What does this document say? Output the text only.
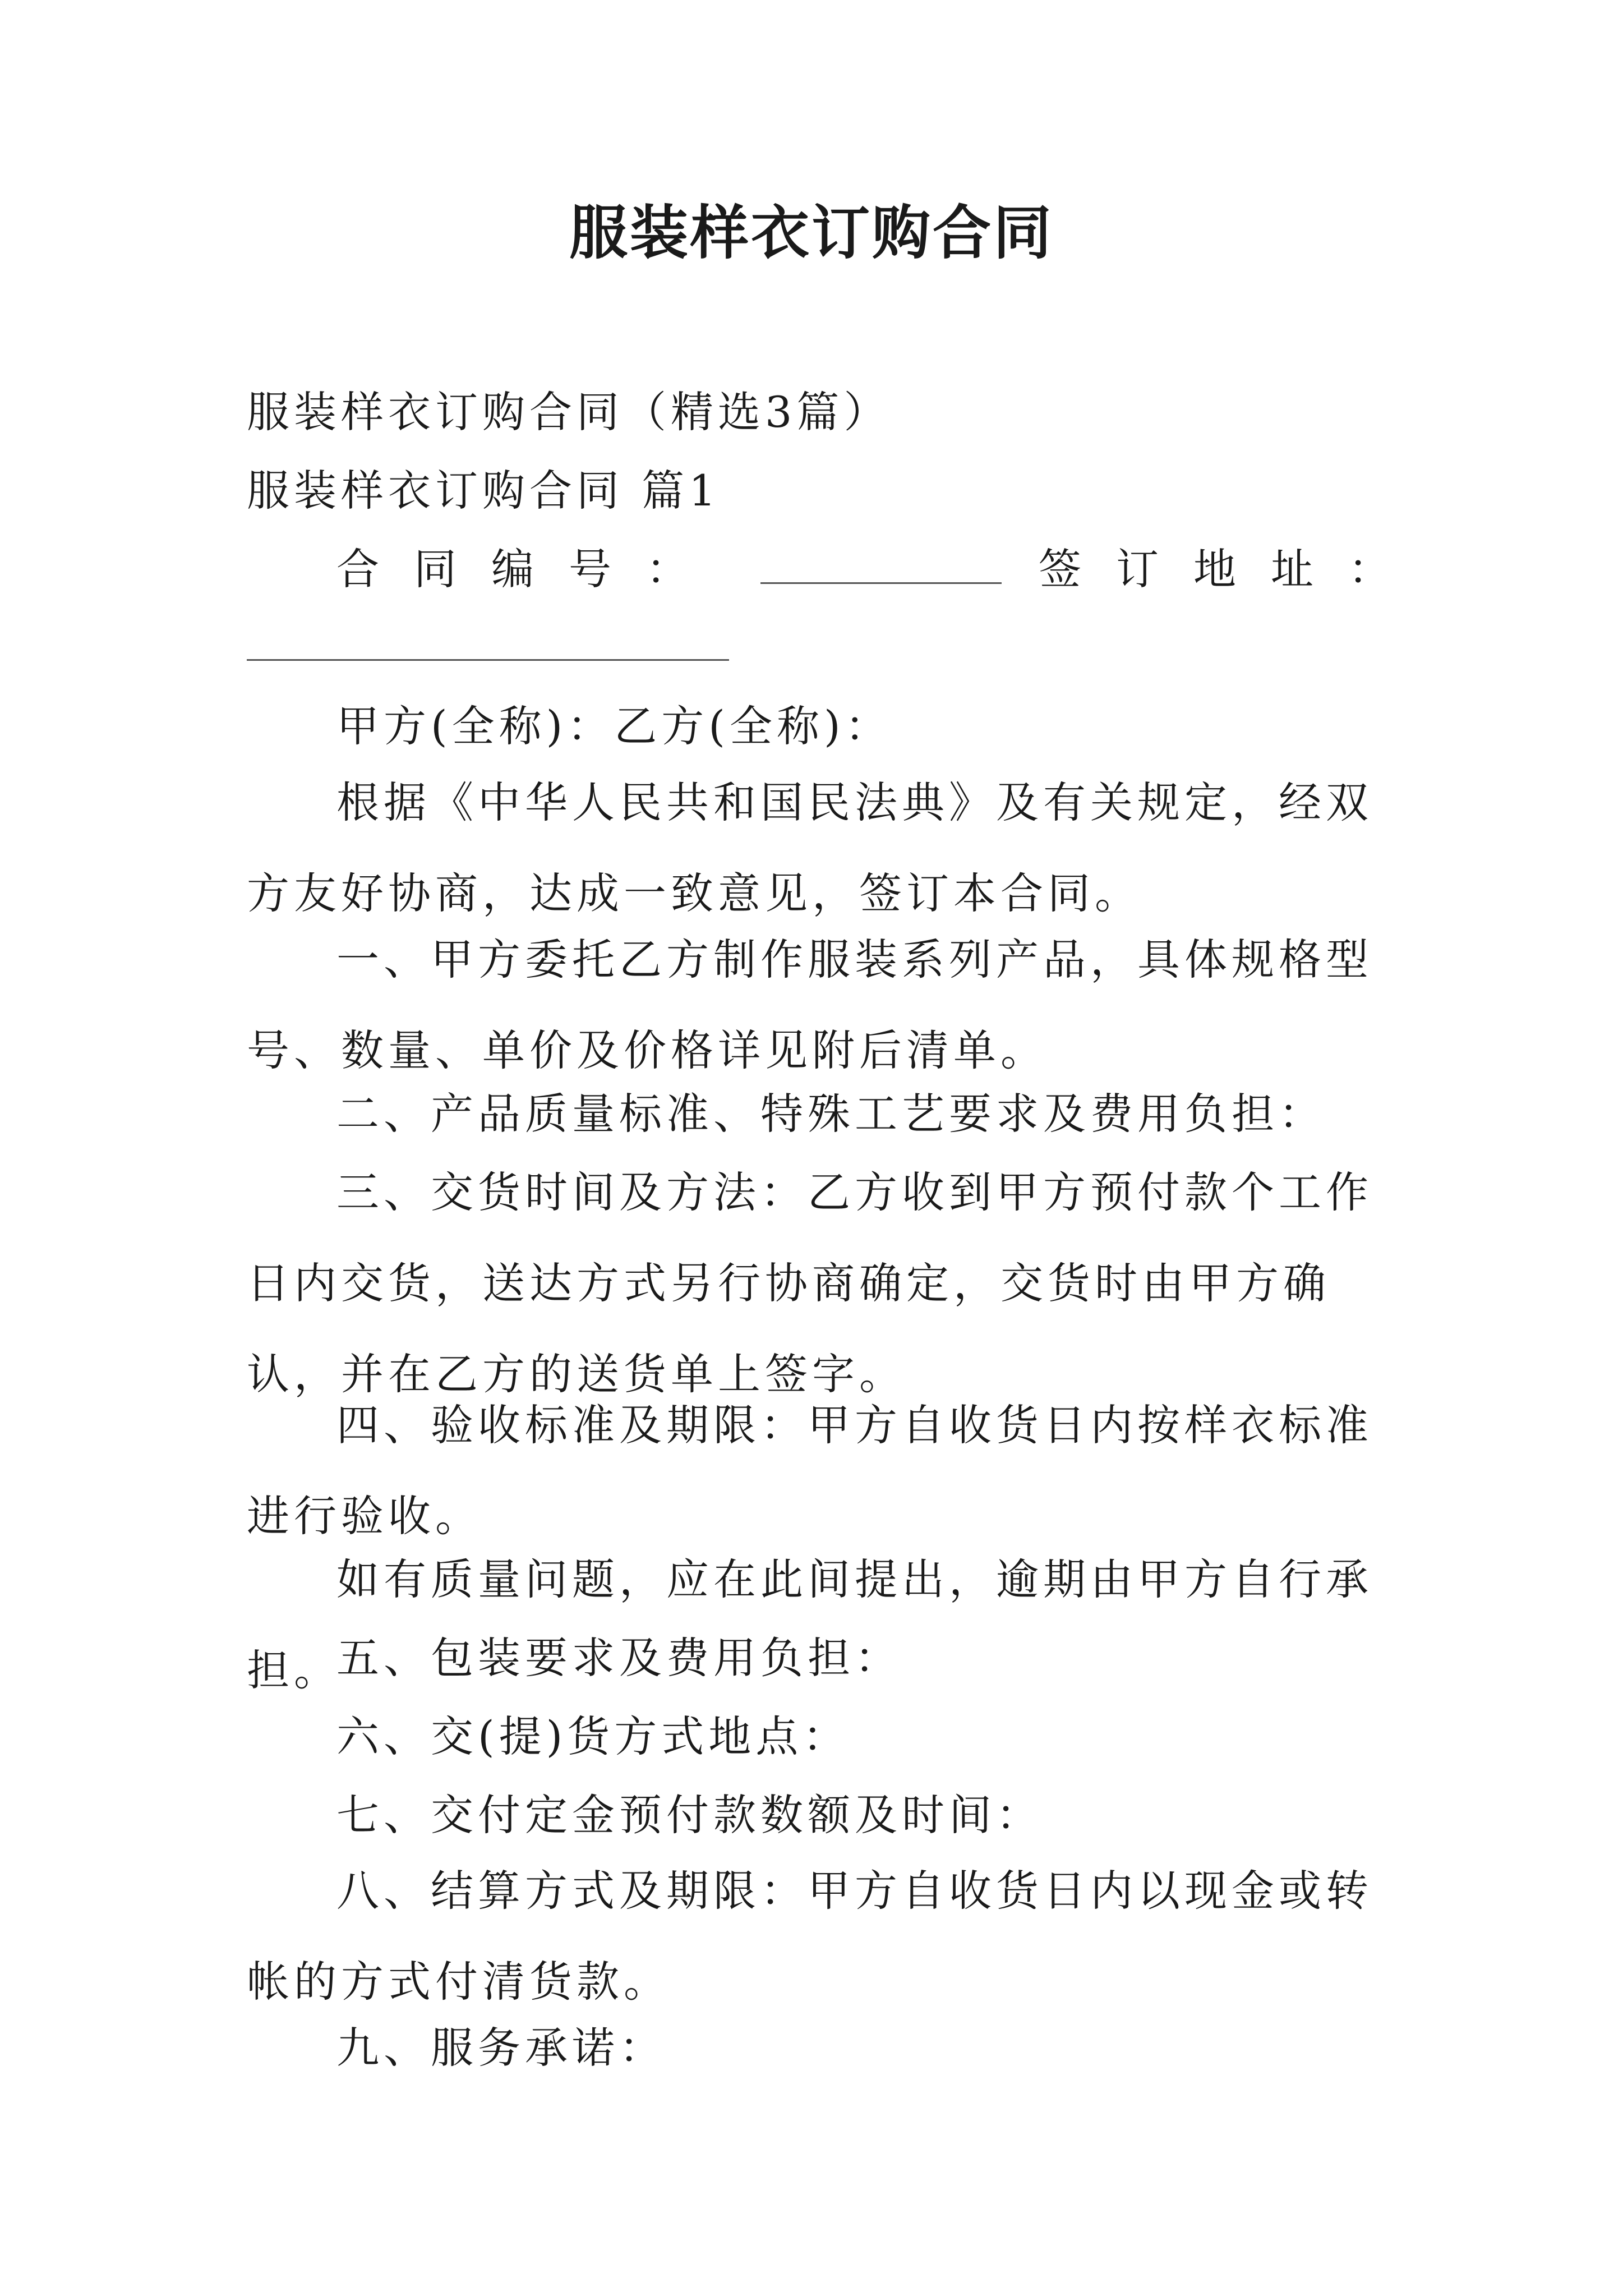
服装样衣订购合同
服装样衣订购合同（精选3篇）
服装样衣订购合同 篇1
合同编号：	签订地址：
甲方(全称)：乙方(全称)：
根据《中华人民共和国民法典》及有关规定，经双方友好协商，达成一致意见，签订本合同。
一、甲方委托乙方制作服装系列产品，具体规格型号、数量、单价及价格详见附后清单。
二、产品质量标准、特殊工艺要求及费用负担：
三、交货时间及方法：乙方收到甲方预付款个工作日内交货，送达方式另行协商确定，交货时由甲方确认，并在乙方的送货单上签字。
四、验收标准及期限：甲方自收货日内按样衣标准进行验收。
如有质量问题，应在此间提出，逾期由甲方自行承担。
五、包装要求及费用负担：
六、交(提)货方式地点：
七、交付定金预付款数额及时间：
八、结算方式及期限：甲方自收货日内以现金或转帐的方式付清货款。
九、服务承诺：
